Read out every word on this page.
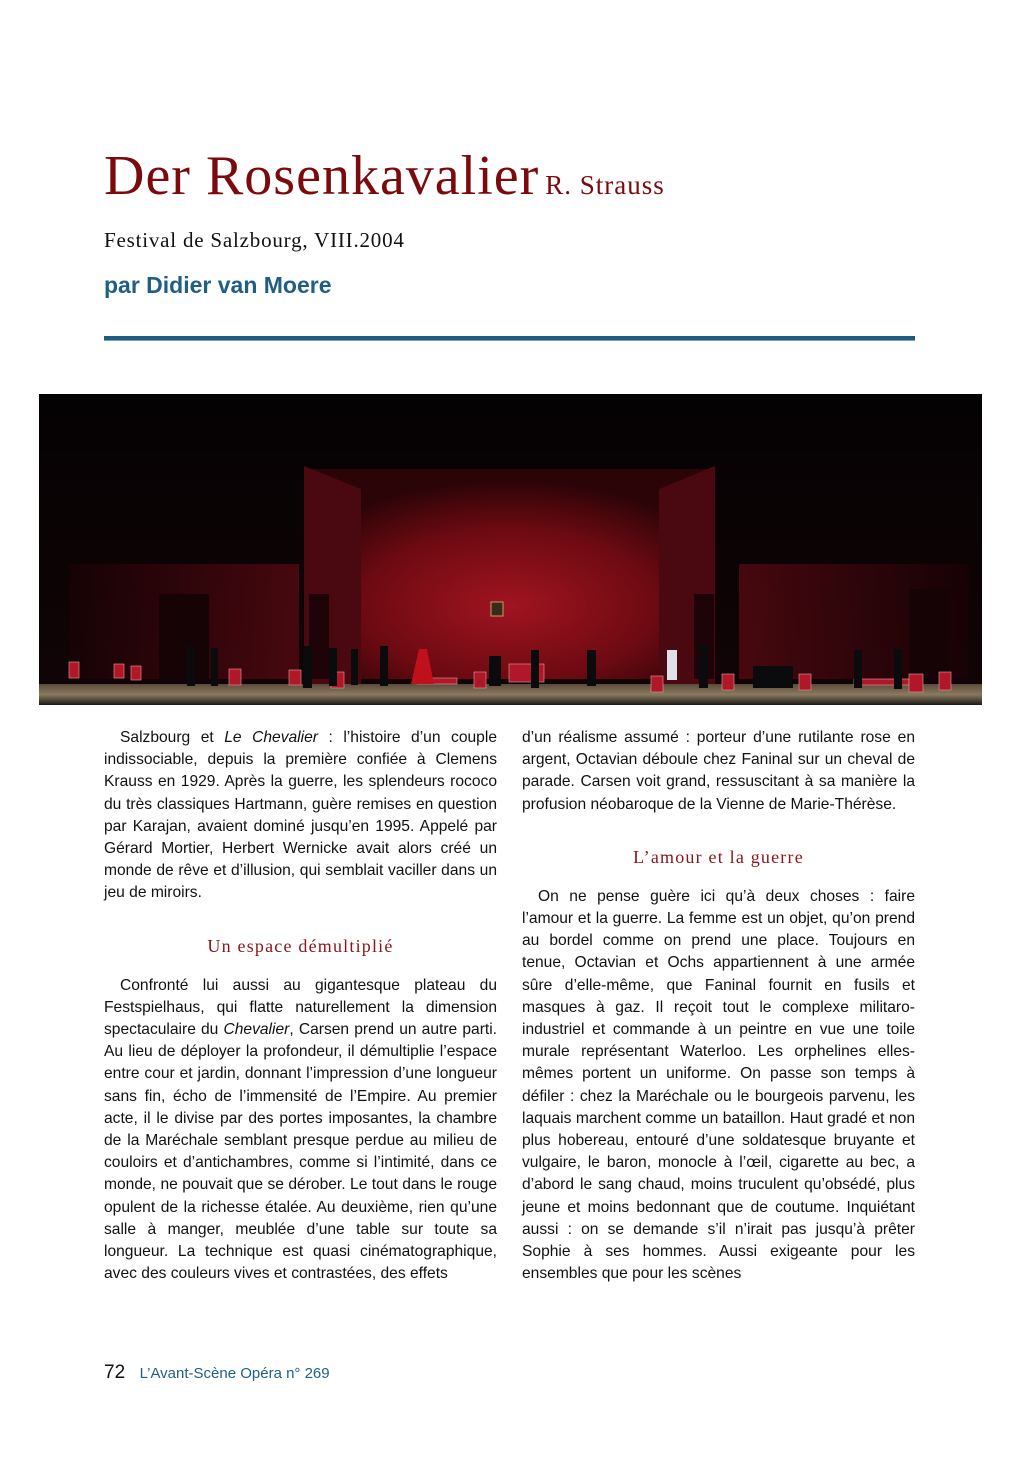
Der Rosenkavalier R. Strauss
Festival de Salzbourg, VIII.2004
par Didier van Moere

Salzbourg et Le Chevalier : l’histoire d’un couple indissociable, depuis la première confiée à Clemens Krauss en 1929. Après la guerre, les splendeurs rococo du très classiques Hartmann, guère remises en question par Karajan, avaient dominé jusqu’en 1995. Appelé par Gérard Mortier, Herbert Wernicke avait alors créé un monde de rêve et d’illusion, qui semblait vaciller dans un jeu de miroirs.

Un espace démultiplié

Confronté lui aussi au gigantesque plateau du Festspielhaus, qui flatte naturellement la dimension spectaculaire du Chevalier, Carsen prend un autre parti. Au lieu de déployer la profondeur, il démultiplie l’espace entre cour et jardin, donnant l’impression d’une longueur sans fin, écho de l’immensité de l’Empire. Au premier acte, il le divise par des portes imposantes, la chambre de la Maréchale semblant presque perdue au milieu de couloirs et d’antichambres, comme si l’intimité, dans ce monde, ne pouvait que se dérober. Le tout dans le rouge opulent de la richesse étalée. Au deuxième, rien qu’une salle à manger, meublée d’une table sur toute sa longueur. La technique est quasi cinématographique, avec des couleurs vives et contrastées, des effets

d’un réalisme assumé : porteur d’une rutilante rose en argent, Octavian déboule chez Faninal sur un cheval de parade. Carsen voit grand, ressuscitant à sa manière la profusion néobaroque de la Vienne de Marie-Thérèse.

L’amour et la guerre

On ne pense guère ici qu’à deux choses : faire l’amour et la guerre. La femme est un objet, qu’on prend au bordel comme on prend une place. Toujours en tenue, Octavian et Ochs appartiennent à une armée sûre d’elle-même, que Faninal fournit en fusils et masques à gaz. Il reçoit tout le complexe militaro-industriel et commande à un peintre en vue une toile murale représentant Waterloo. Les orphelines elles-mêmes portent un uniforme. On passe son temps à défiler : chez la Maréchale ou le bourgeois parvenu, les laquais marchent comme un bataillon. Haut gradé et non plus hobereau, entouré d’une soldatesque bruyante et vulgaire, le baron, monocle à l’œil, cigarette au bec, a d’abord le sang chaud, moins truculent qu’obsédé, plus jeune et moins bedonnant que de coutume. Inquiétant aussi : on se demande s’il n’irait pas jusqu’à prêter Sophie à ses hommes. Aussi exigeante pour les ensembles que pour les scènes

72 L’Avant-Scène Opéra n° 269
